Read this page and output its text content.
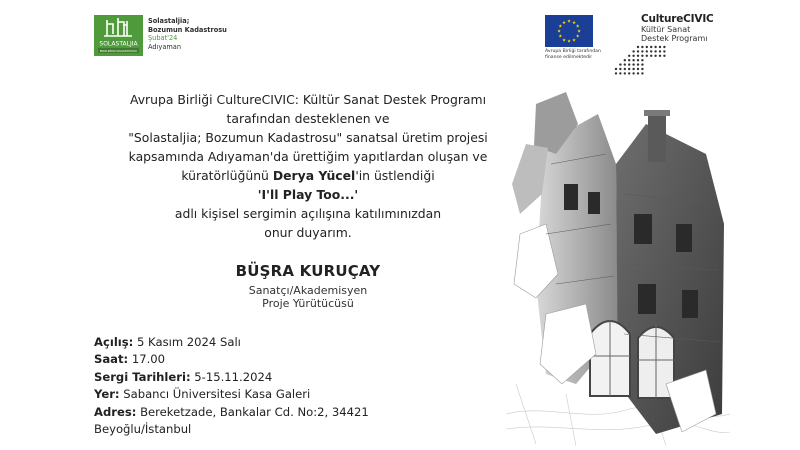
SOLASTALJIA
BOZUMUN KADASTROSU
Solastaljia;
Bozumun Kadastrosu
Şubat'24
Adıyaman
★ ★
★
★
★
★
★
★
★
★
★
★
Avrupa Birliği tarafından finanse edilmektedir
CultureCIVIC
Kültür Sanat
Destek Programı
Avrupa Birliği CultureCIVIC: Kültür Sanat Destek Programı
tarafından desteklenen ve
"Solastaljia; Bozumun Kadastrosu" sanatsal üretim projesi
kapsamında Adıyaman'da ürettiğim yapıtlardan oluşan ve
küratörlüğünü Derya Yücel'in üstlendiği
'I'll Play Too...'
adlı kişisel sergimin açılışına katılımınızdan
onur duyarım.
BÜŞRA KURUÇAY
Sanatçı/Akademisyen
Proje Yürütücüsü
Açılış: 5 Kasım 2024 Salı
Saat: 17.00
Sergi Tarihleri: 5-15.11.2024
Yer: Sabancı Üniversitesi Kasa Galeri
Adres: Bereketzade, Bankalar Cd. No:2, 34421
Beyoğlu/İstanbul
